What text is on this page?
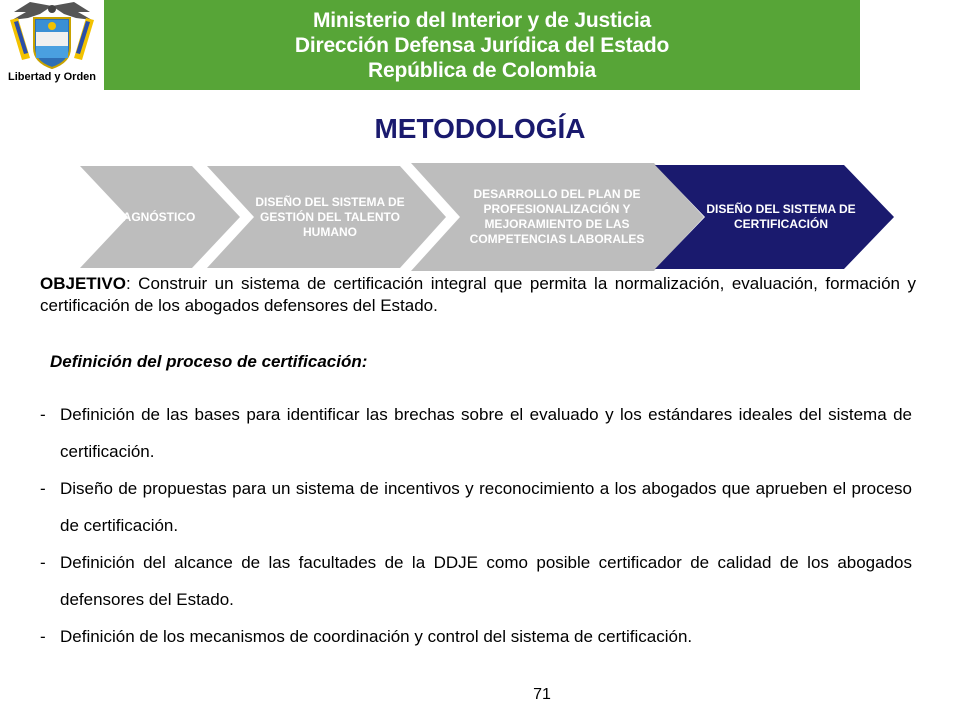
Libertad y Orden
Ministerio del Interior y de Justicia
Dirección Defensa Jurídica del Estado
República de Colombia
METODOLOGÍA
DIAGNÓSTICO
DISEÑO DEL SISTEMA DE GESTIÓN DEL TALENTO HUMANO
DESARROLLO DEL PLAN DE PROFESIONALIZACIÓN Y MEJORAMIENTO DE LAS COMPETENCIAS LABORALES
DISEÑO DEL SISTEMA DE CERTIFICACIÓN
OBJETIVO: Construir un sistema de certificación integral que permita la normalización, evaluación, formación y certificación de los abogados defensores del Estado.
Definición del proceso de certificación:
- Definición de las bases para identificar las brechas sobre el evaluado y los estándares ideales del sistema de certificación.
- Diseño de propuestas para un sistema de incentivos y reconocimiento a los abogados que aprueben el proceso de certificación.
- Definición del alcance de las facultades de la DDJE como posible certificador de calidad de los abogados defensores del Estado.
- Definición de los mecanismos de coordinación y control del sistema de certificación.
71
